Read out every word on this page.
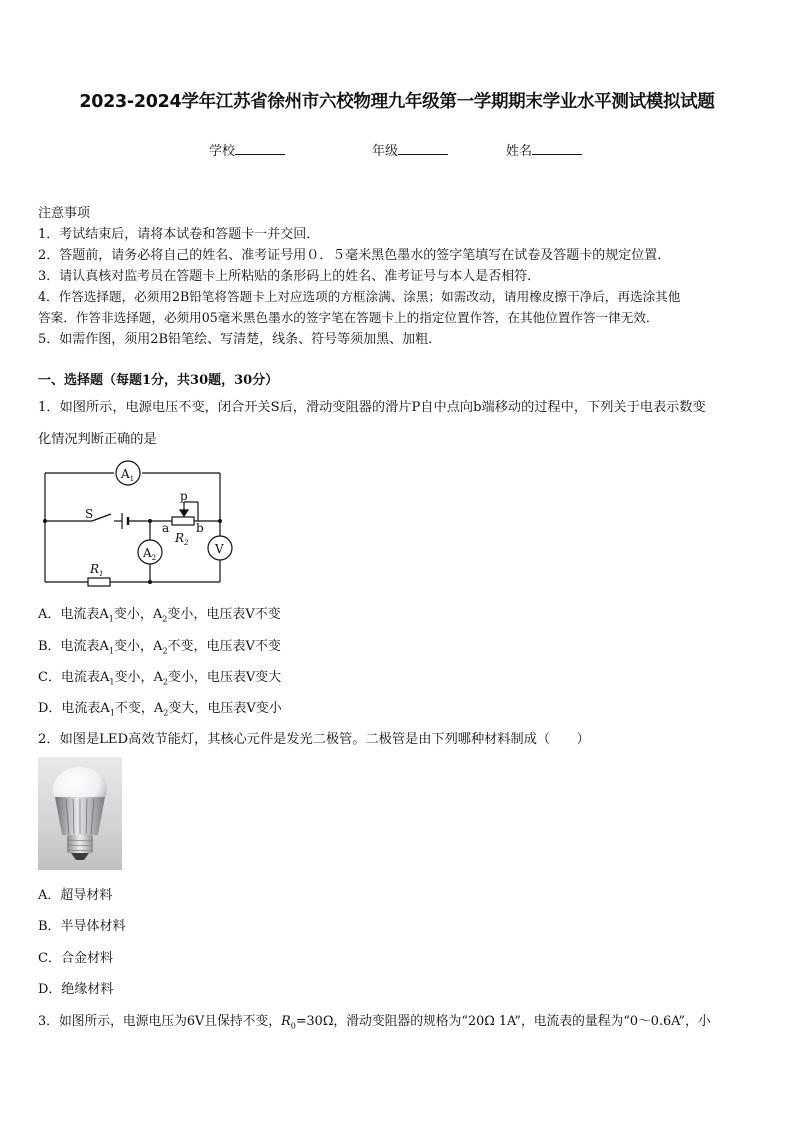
2023-2024学年江苏省徐州市六校物理九年级第一学期期末学业水平测试模拟试题
学校	年级	姓名
注意事项
1．考试结束后，请将本试卷和答题卡一并交回．
2．答题前，请务必将自己的姓名、准考证号用０．５毫米黑色墨水的签字笔填写在试卷及答题卡的规定位置．
3．请认真核对监考员在答题卡上所粘贴的条形码上的姓名、准考证号与本人是否相符．
4．作答选择题，必须用2B铅笔将答题卡上对应选项的方框涂满、涂黑；如需改动，请用橡皮擦干净后，再选涂其他
答案．作答非选择题，必须用05毫米黑色墨水的签字笔在答题卡上的指定位置作答，在其他位置作答一律无效．
5．如需作图，须用2B铅笔绘、写清楚，线条、符号等须加黑、加粗．
一、选择题（每题1分，共30题，30分）
1．如图所示，电源电压不变，闭合开关S后，滑动变阻器的滑片P自中点向b端移动的过程中，下列关于电表示数变
化情况判断正确的是
$A_1$
$A_2$
V
S
p
a b
$R_2$
$R_1$
A．电流表$A_1$变小，$A_2$变小，电压表V不变
B．电流表$A_1$变小，$A_2$不变，电压表V不变
C．电流表$A_1$变小，$A_2$变小，电压表V变大
D．电流表$A_1$不变，$A_2$变大，电压表V变小
2．如图是LED高效节能灯，其核心元件是发光二极管。二极管是由下列哪种材料制成（　　）
A．超导材料
B．半导体材料
C．合金材料
D．绝缘材料
3．如图所示，电源电压为6V且保持不变，$R_0=30\Omega$，滑动变阻器的规格为“20Ω 1A”，电流表的量程为“0～0.6A”，小
